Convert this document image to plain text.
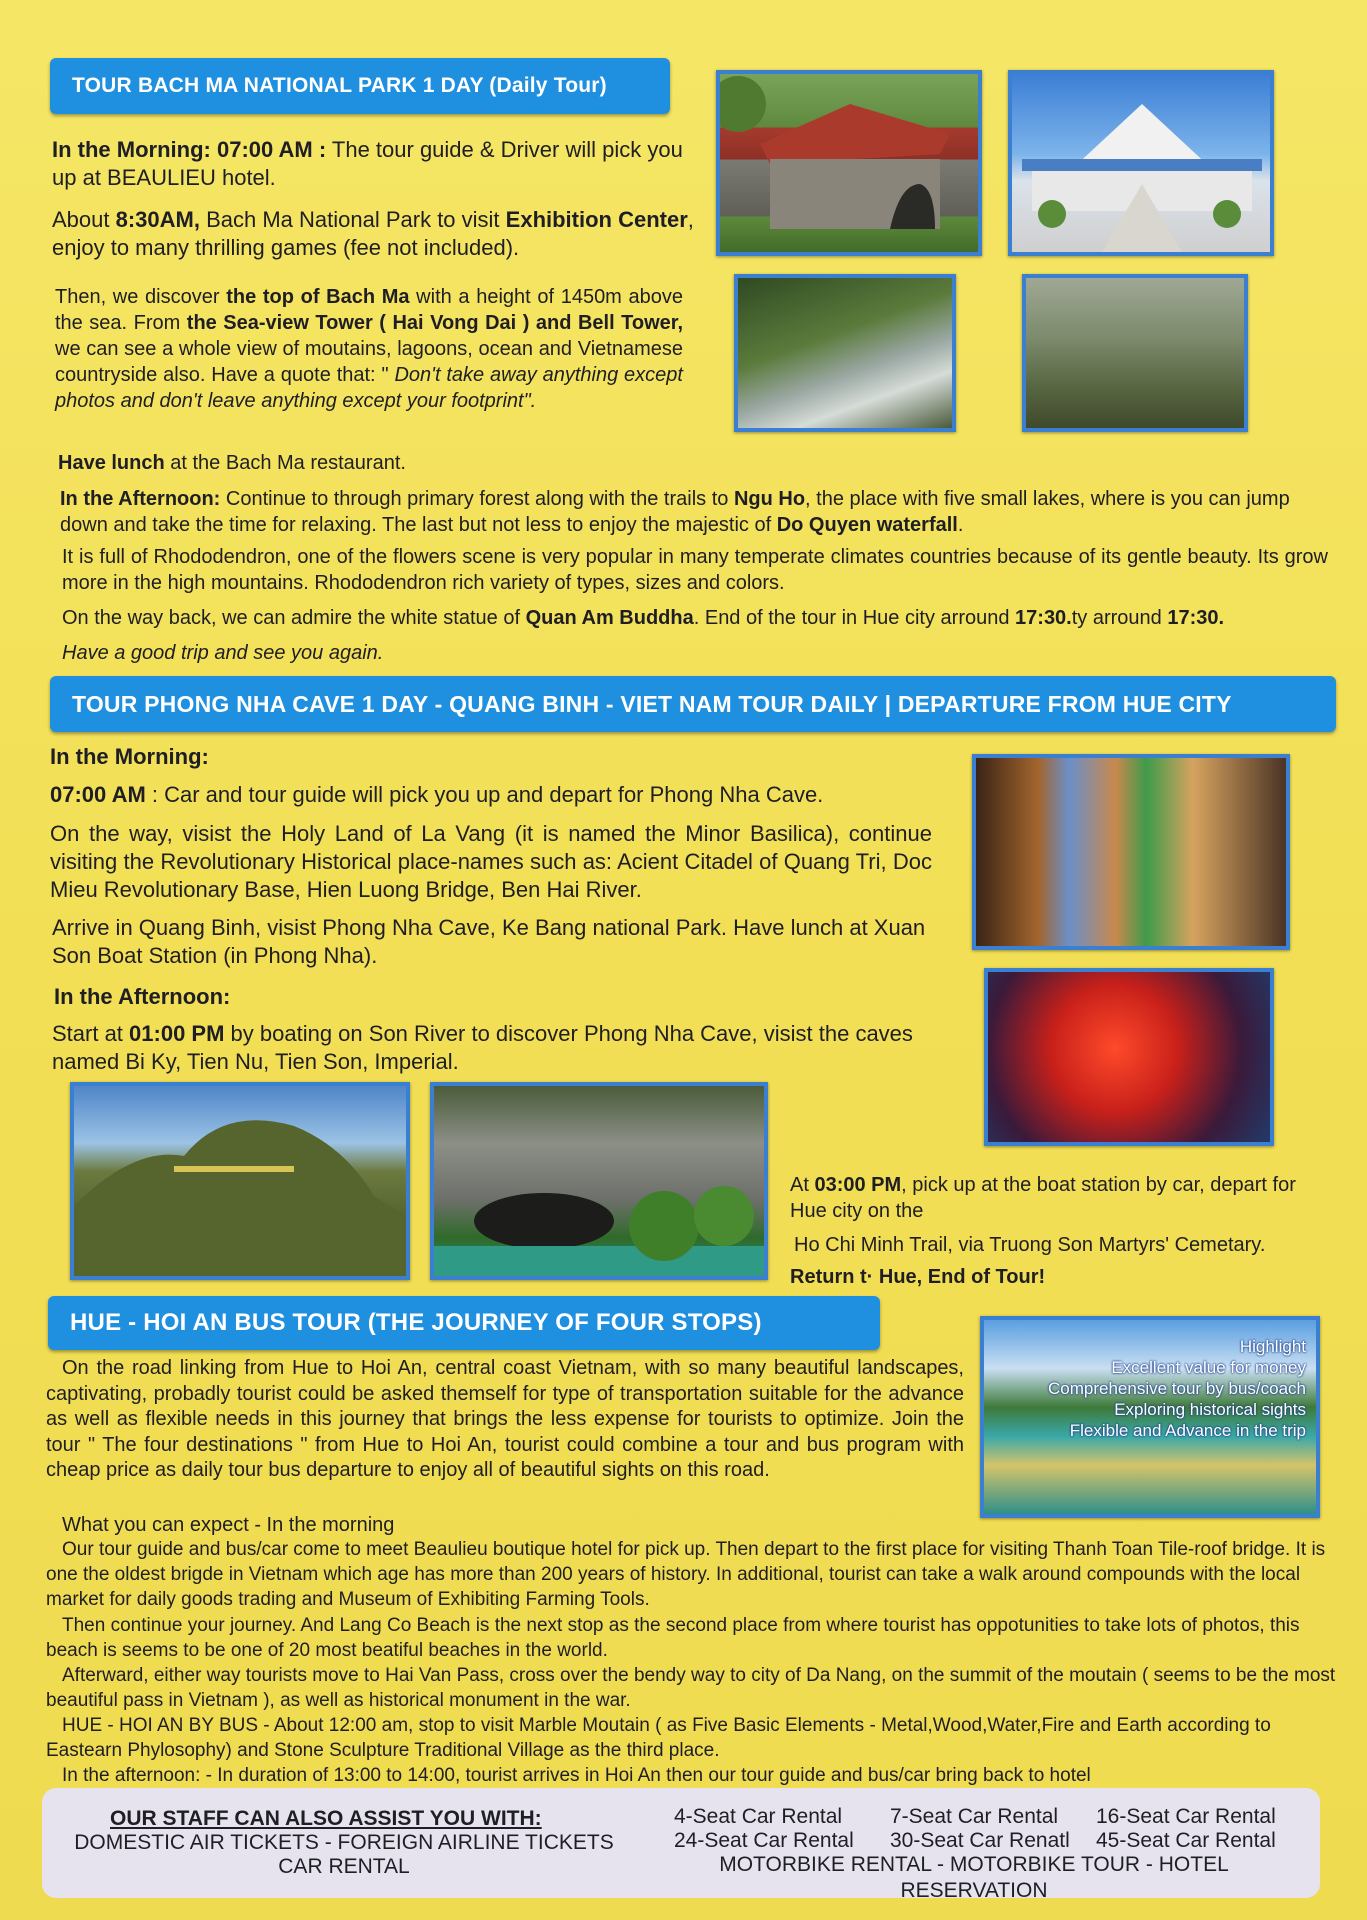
TOUR BACH MA NATIONAL PARK 1 DAY (Daily Tour)
In the Morning: 07:00 AM : The tour guide & Driver will pick you up at BEAULIEU hotel.
About 8:30AM, Bach Ma National Park to visit Exhibition Center, enjoy to many thrilling games (fee not included).
Then, we discover the top of Bach Ma with a height of 1450m above the sea. From the Sea-view Tower ( Hai Vong Dai ) and Bell Tower, we can see a whole view of moutains, lagoons, ocean and Vietnamese countryside also. Have a quote that: " Don't take away anything except photos and don't leave anything except your footprint".
Have lunch at the Bach Ma restaurant.
In the Afternoon: Continue to through primary forest along with the trails to Ngu Ho, the place with five small lakes, where is you can jump down and take the time for relaxing. The last but not less to enjoy the majestic of Do Quyen waterfall.
It is full of Rhododendron, one of the flowers scene is very popular in many temperate climates countries because of its gentle beauty. Its grow more in the high mountains. Rhododendron rich variety of types, sizes and colors.
On the way back, we can admire the white statue of Quan Am Buddha. End of the tour in Hue city arround 17:30.ty arround 17:30.
Have a good trip and see you again.
TOUR PHONG NHA CAVE 1 DAY - QUANG BINH - VIET NAM TOUR DAILY | DEPARTURE FROM HUE CITY
In the Morning:
07:00 AM : Car and tour guide will pick you up and depart for Phong Nha Cave.
On the way, visist the Holy Land of La Vang (it is named the Minor Basilica), continue visiting the Revolutionary Historical place-names such as: Acient Citadel of Quang Tri, Doc Mieu Revolutionary Base, Hien Luong Bridge, Ben Hai River.
Arrive in Quang Binh, visist Phong Nha Cave, Ke Bang national Park. Have lunch at Xuan Son Boat Station (in Phong Nha).
In the Afternoon:
Start at 01:00 PM by boating on Son River to discover Phong Nha Cave, visist the caves named Bi Ky, Tien Nu, Tien Son, Imperial.
At 03:00 PM, pick up at the boat station by car, depart for Hue city on the
Ho Chi Minh Trail, via Truong Son Martyrs' Cemetary.
Return t· Hue, End of Tour!
HUE - HOI AN BUS TOUR (THE JOURNEY OF FOUR STOPS)
Highlight
Excellent value for money
Comprehensive tour by bus/coach
Exploring historical sights
Flexible and Advance in the trip
On the road linking from Hue to Hoi An, central coast Vietnam, with so many beautiful landscapes, captivating, probadly tourist could be asked themself for type of transportation suitable for the advance as well as flexible needs in this journey that brings the less expense for tourists to optimize. Join the tour " The four destinations " from Hue to Hoi An, tourist could combine a tour and bus program with cheap price as daily tour bus departure to enjoy all of beautiful sights on this road.
What you can expect - In the morning
Our tour guide and bus/car come to meet Beaulieu boutique hotel for pick up. Then depart to the first place for visiting Thanh Toan Tile-roof bridge. It is one the oldest brigde in Vietnam which age has more than 200 years of history. In additional, tourist can take a walk around compounds with the local market for daily goods trading and Museum of Exhibiting Farming Tools.
Then continue your journey. And Lang Co Beach is the next stop as the second place from where tourist has oppotunities to take lots of photos, this beach is seems to be one of 20 most beatiful beaches in the world.
Afterward, either way tourists move to Hai Van Pass, cross over the bendy way to city of Da Nang, on the summit of the moutain ( seems to be the most beautiful pass in Vietnam ), as well as historical monument in the war.
HUE - HOI AN BY BUS - About 12:00 am, stop to visit Marble Moutain ( as Five Basic Elements - Metal,Wood,Water,Fire and Earth according to Eastearn Phylosophy) and Stone Sculpture Traditional Village as the third place.
In the afternoon: - In duration of 13:00 to 14:00, tourist arrives in Hoi An then our tour guide and bus/car bring back to hotel
OUR STAFF CAN ALSO ASSIST YOU WITH:
DOMESTIC AIR TICKETS - FOREIGN AIRLINE TICKETS
CAR RENTAL
4-Seat Car Rental 7-Seat Car Rental 16-Seat Car Rental
24-Seat Car Rental 30-Seat Car Renatl 45-Seat Car Rental
MOTORBIKE RENTAL - MOTORBIKE TOUR - HOTEL RESERVATION
